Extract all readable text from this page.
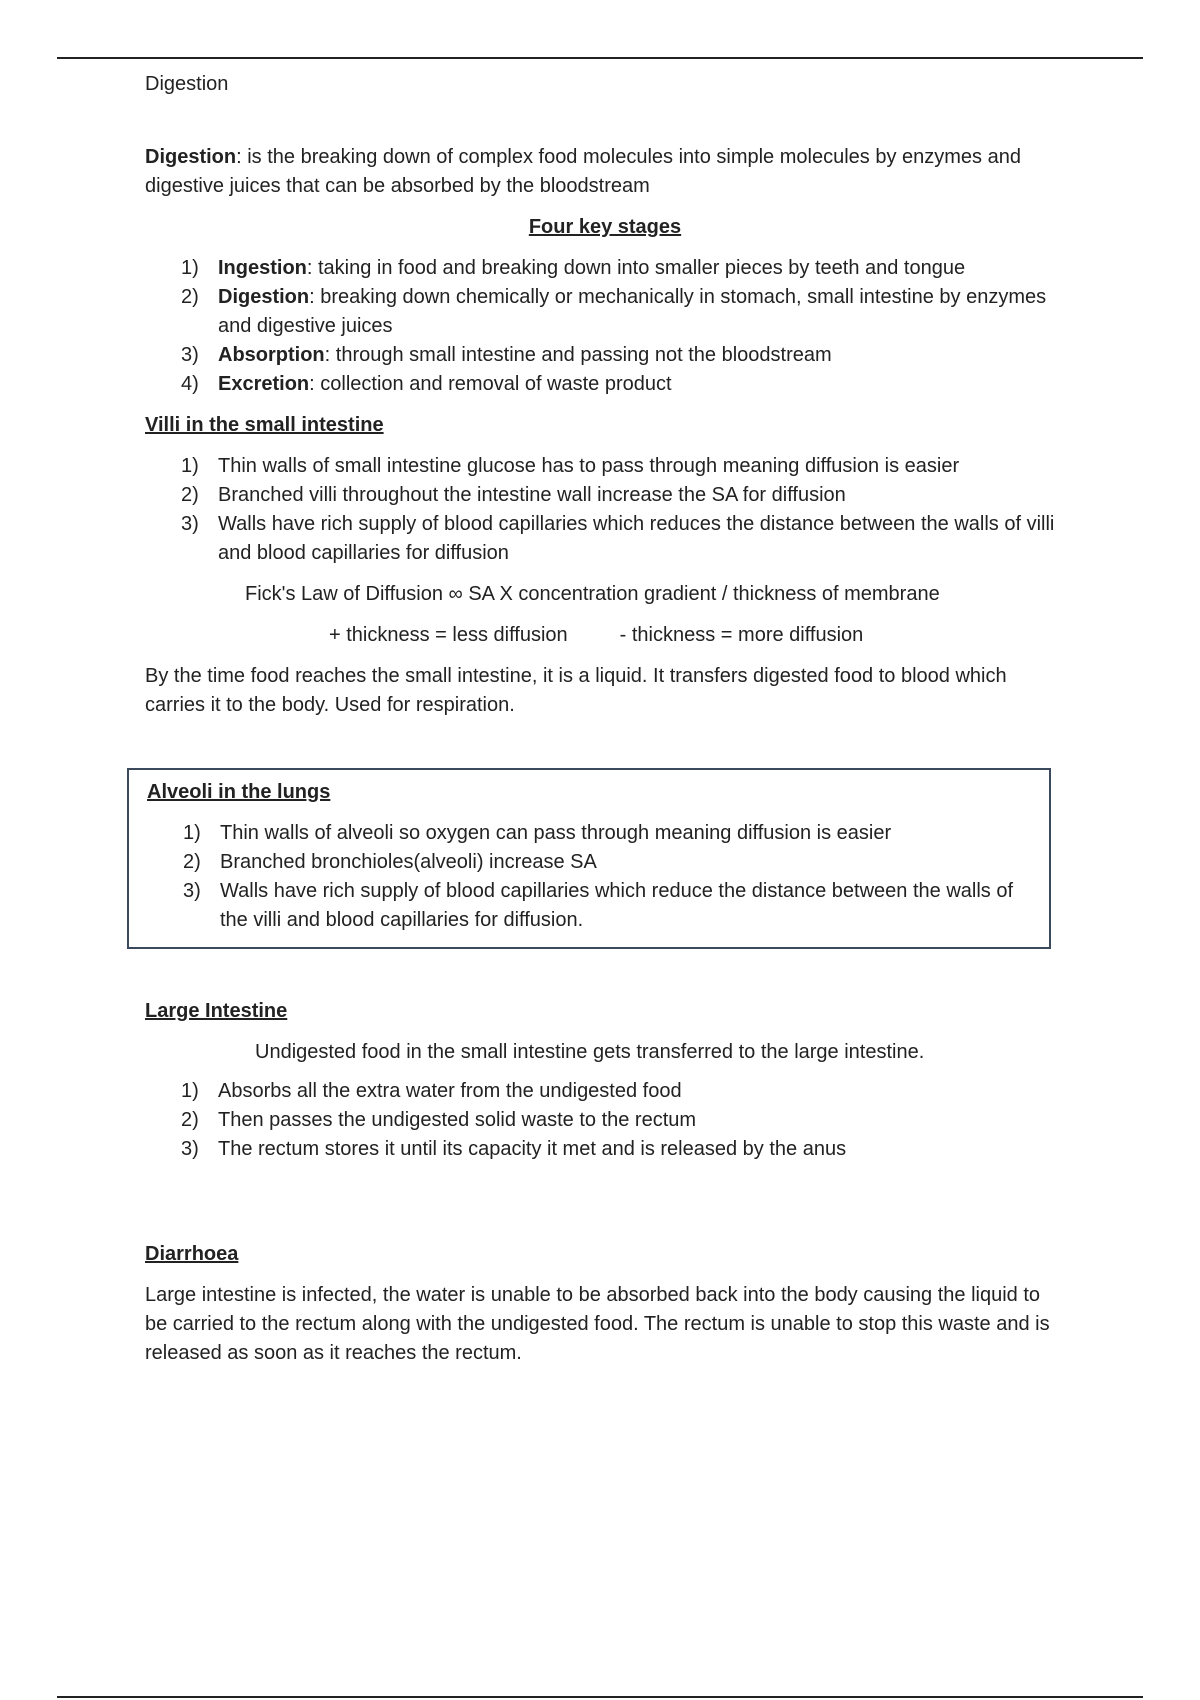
Digestion

Digestion: is the breaking down of complex food molecules into simple molecules by enzymes and digestive juices that can be absorbed by the bloodstream

Four key stages

1) Ingestion: taking in food and breaking down into smaller pieces by teeth and tongue
2) Digestion: breaking down chemically or mechanically in stomach, small intestine by enzymes and digestive juices
3) Absorption: through small intestine and passing not the bloodstream
4) Excretion: collection and removal of waste product

Villi in the small intestine

1) Thin walls of small intestine glucose has to pass through meaning diffusion is easier
2) Branched villi throughout the intestine wall increase the SA for diffusion
3) Walls have rich supply of blood capillaries which reduces the distance between the walls of villi and blood capillaries for diffusion

Fick's Law of Diffusion ∞ SA X concentration gradient / thickness of membrane

+ thickness = less diffusion	- thickness = more diffusion

By the time food reaches the small intestine, it is a liquid. It transfers digested food to blood which carries it to the body. Used for respiration.

Alveoli in the lungs

1) Thin walls of alveoli so oxygen can pass through meaning diffusion is easier
2) Branched bronchioles(alveoli) increase SA
3) Walls have rich supply of blood capillaries which reduce the distance between the walls of the villi and blood capillaries for diffusion.

Large Intestine

Undigested food in the small intestine gets transferred to the large intestine.

1) Absorbs all the extra water from the undigested food
2) Then passes the undigested solid waste to the rectum
3) The rectum stores it until its capacity it met and is released by the anus

Diarrhoea

Large intestine is infected, the water is unable to be absorbed back into the body causing the liquid to be carried to the rectum along with the undigested food. The rectum is unable to stop this waste and is released as soon as it reaches the rectum.
